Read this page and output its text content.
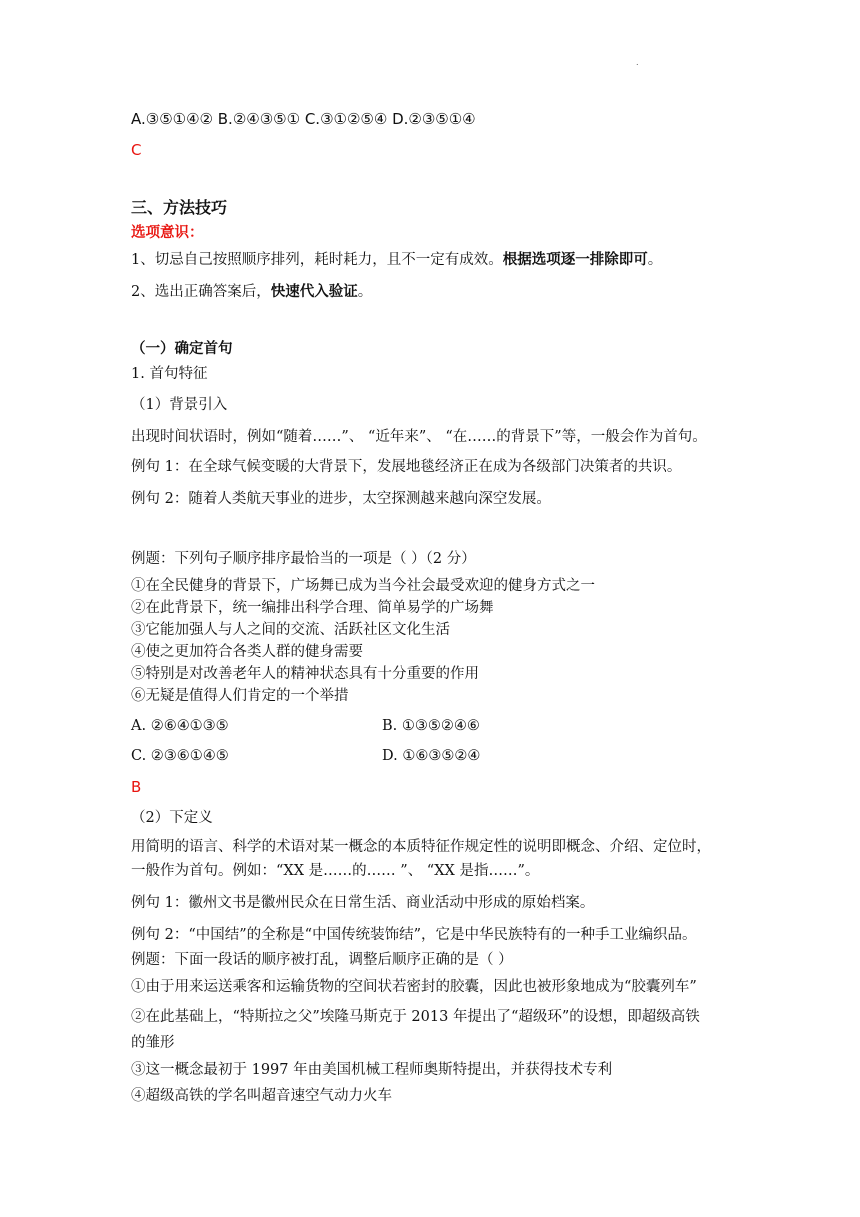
.
A.③⑤①④② B.②④③⑤① C.③①②⑤④ D.②③⑤①④
C
三、方法技巧
选项意识：
1、切忌自己按照顺序排列，耗时耗力，且不一定有成效。根据选项逐一排除即可。
2、选出正确答案后，快速代入验证。
（一）确定首句
1. 首句特征
（1）背景引入
出现时间状语时，例如“随着……”、 “近年来”、 “在……的背景下”等，一般会作为首句。
例句 1：在全球气候变暖的大背景下，发展地毯经济正在成为各级部门决策者的共识。
例句 2：随着人类航天事业的进步，太空探测越来越向深空发展。
例题：下列句子顺序排序最恰当的一项是（ ）（2 分）
①在全民健身的背景下，广场舞已成为当今社会最受欢迎的健身方式之一
②在此背景下，统一编排出科学合理、简单易学的广场舞
③它能加强人与人之间的交流、活跃社区文化生活
④使之更加符合各类人群的健身需要
⑤特别是对改善老年人的精神状态具有十分重要的作用
⑥无疑是值得人们肯定的一个举措
A. ②⑥④①③⑤	B. ①③⑤②④⑥
C. ②③⑥①④⑤	D. ①⑥③⑤②④
B
（2）下定义
用简明的语言、科学的术语对某一概念的本质特征作规定性的说明即概念、介绍、定位时，
一般作为首句。例如：“XX 是……的…… ”、 “XX 是指……”。
例句 1：徽州文书是徽州民众在日常生活、商业活动中形成的原始档案。
例句 2：“中国结”的全称是“中国传统装饰结”，它是中华民族特有的一种手工业编织品。
例题：下面一段话的顺序被打乱，调整后顺序正确的是（ ）
①由于用来运送乘客和运输货物的空间状若密封的胶囊，因此也被形象地成为“胶囊列车”
②在此基础上，“特斯拉之父”埃隆马斯克于 2013 年提出了“超级环”的设想，即超级高铁
的雏形
③这一概念最初于 1997 年由美国机械工程师奥斯特提出，并获得技术专利
④超级高铁的学名叫超音速空气动力火车
